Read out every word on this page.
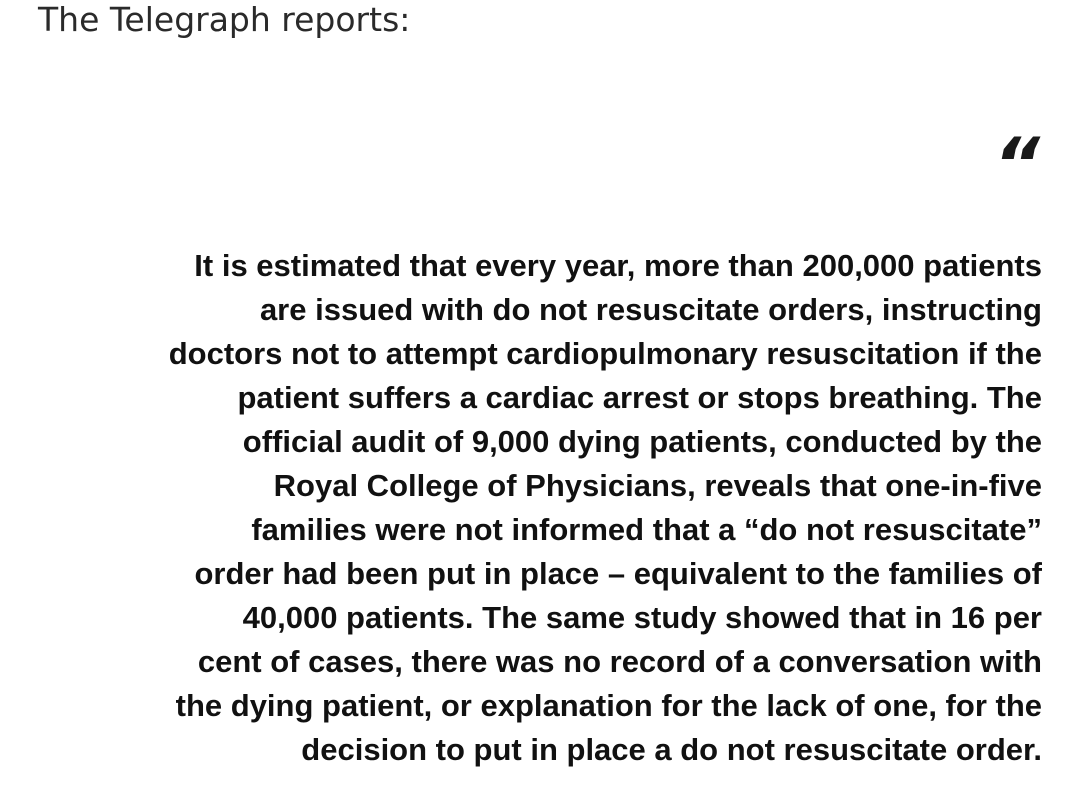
The Telegraph reports:

“
It is estimated that every year, more than 200,000 patients
are issued with do not resuscitate orders, instructing
doctors not to attempt cardiopulmonary resuscitation if the
patient suffers a cardiac arrest or stops breathing. The
official audit of 9,000 dying patients, conducted by the
Royal College of Physicians, reveals that one-in-five
families were not informed that a “do not resuscitate”
order had been put in place – equivalent to the families of
40,000 patients. The same study showed that in 16 per
cent of cases, there was no record of a conversation with
the dying patient, or explanation for the lack of one, for the
decision to put in place a do not resuscitate order.
